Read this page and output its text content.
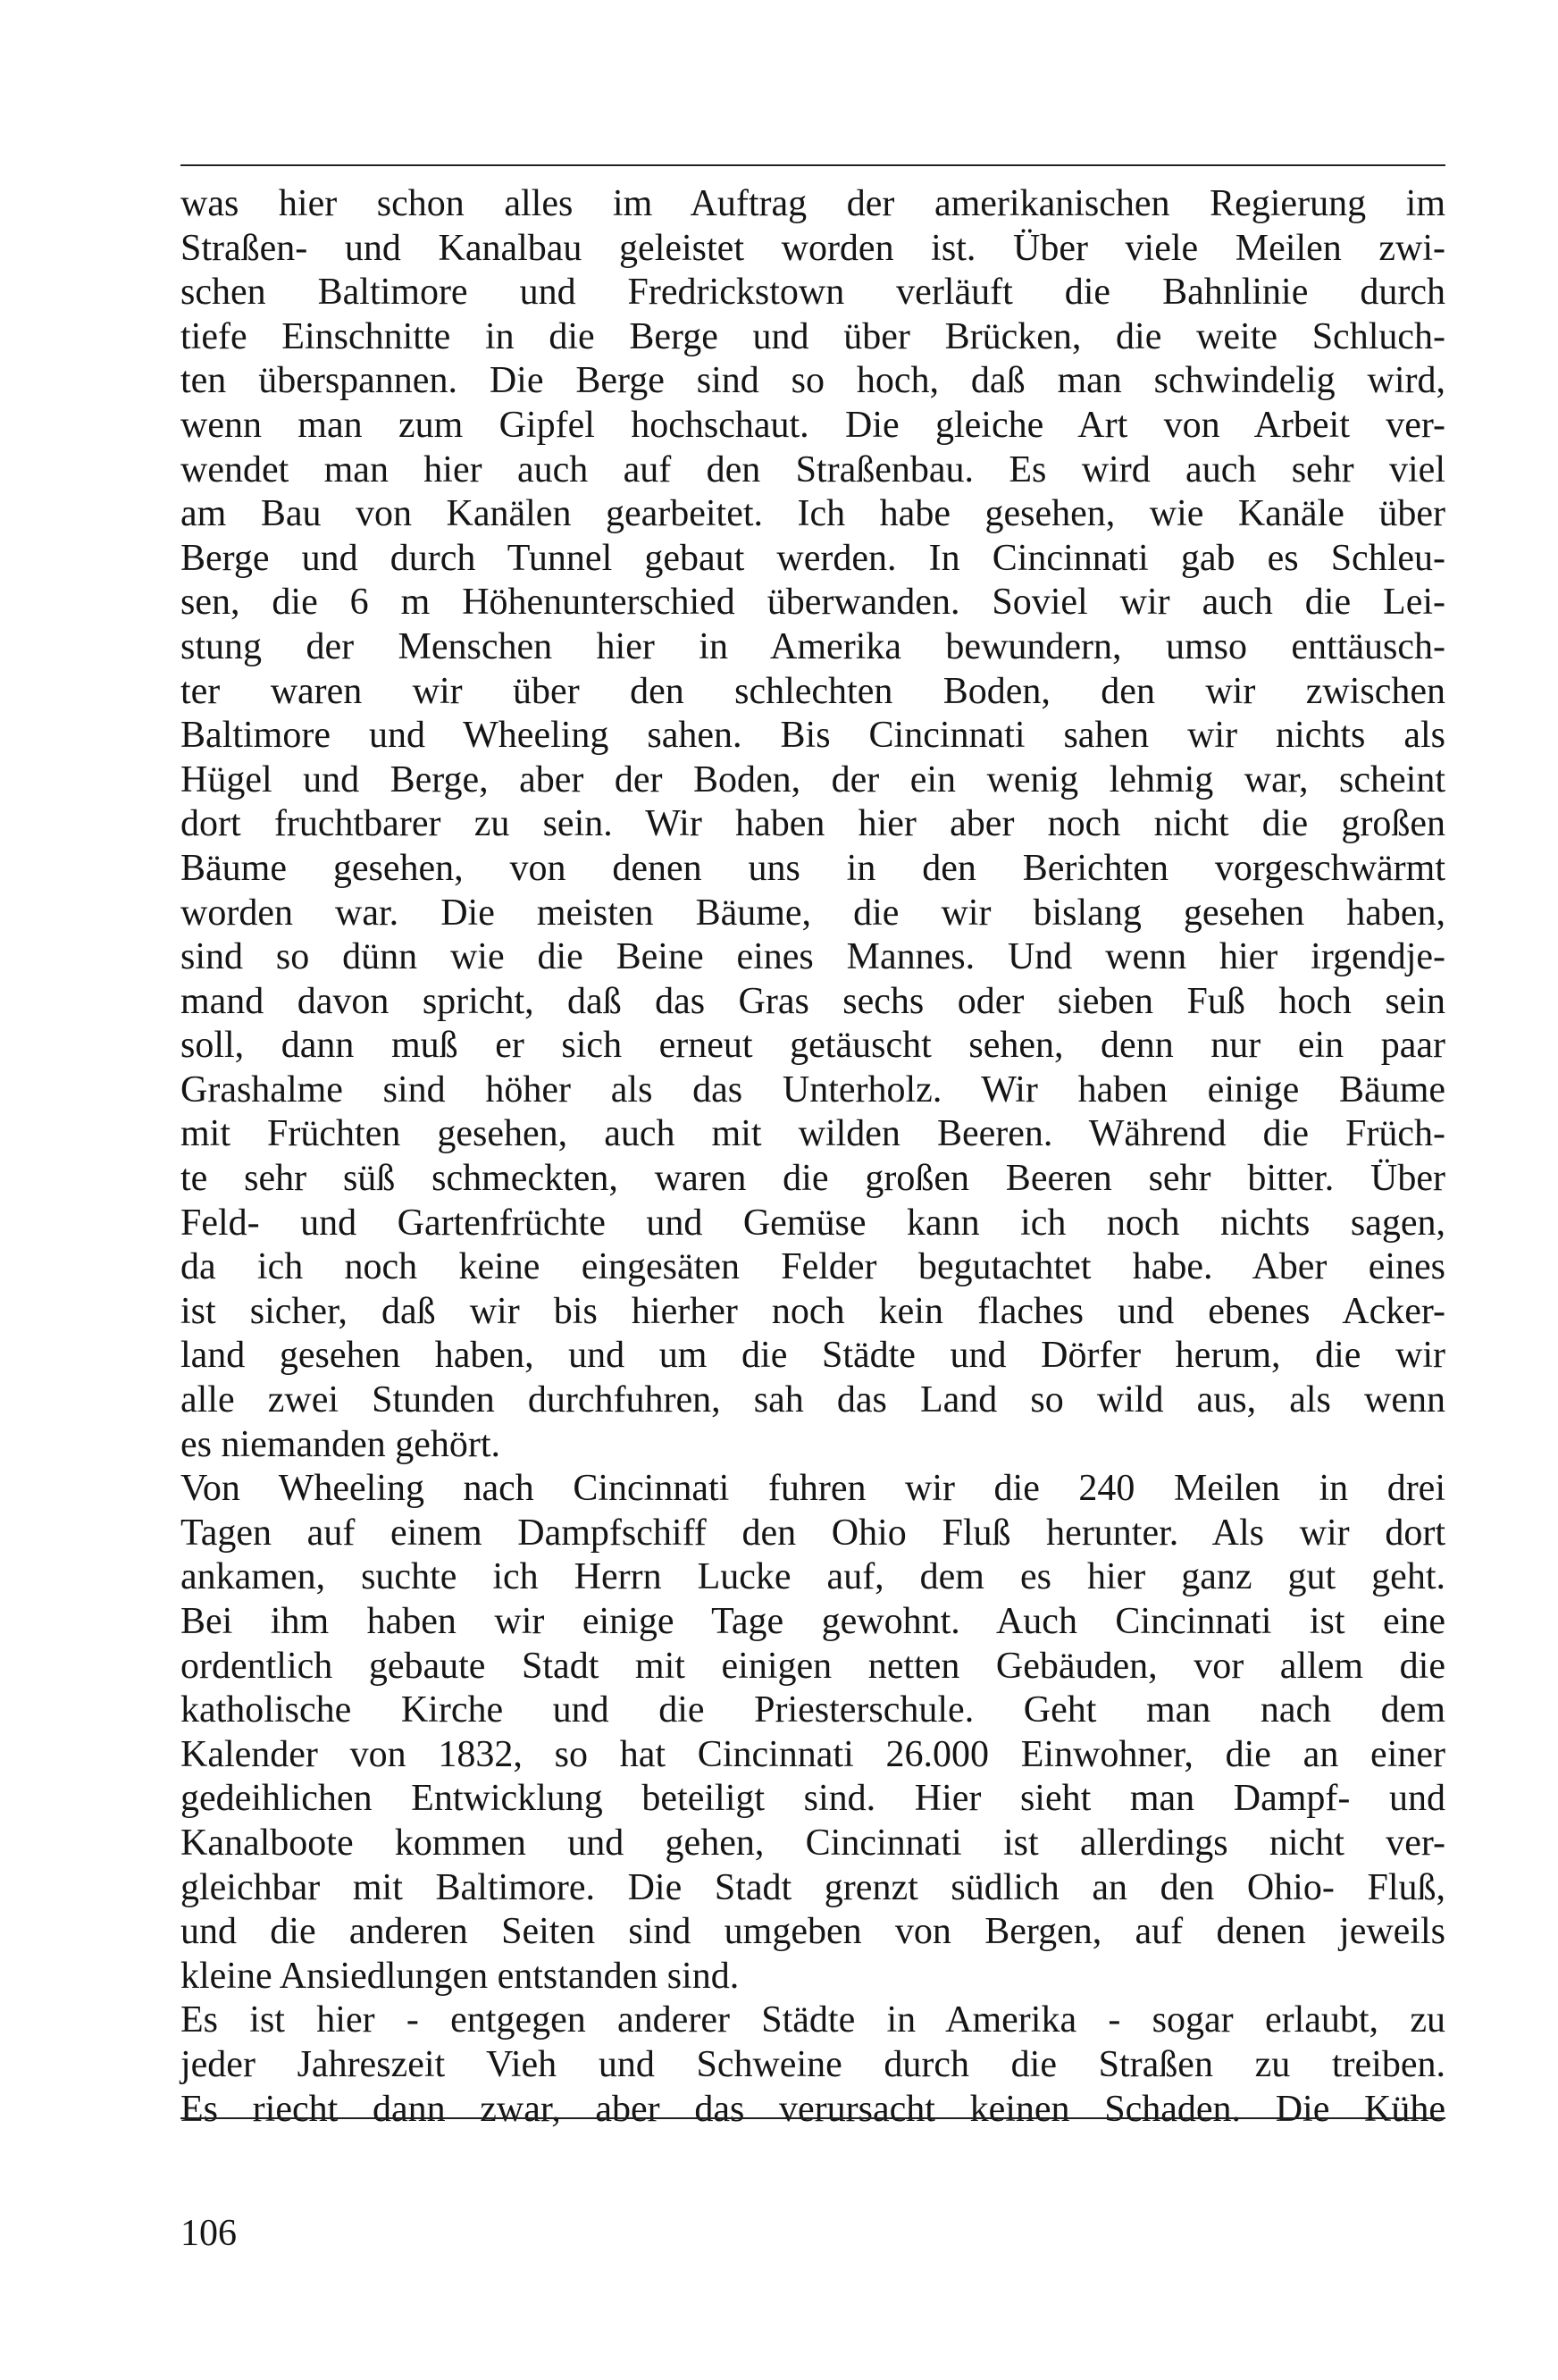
was hier schon alles im Auftrag der amerikanischen Regierung im
Straßen- und Kanalbau geleistet worden ist. Über viele Meilen zwi-
schen Baltimore und Fredrickstown verläuft die Bahnlinie durch
tiefe Einschnitte in die Berge und über Brücken, die weite Schluch-
ten überspannen. Die Berge sind so hoch, daß man schwindelig wird,
wenn man zum Gipfel hochschaut. Die gleiche Art von Arbeit ver-
wendet man hier auch auf den Straßenbau. Es wird auch sehr viel
am Bau von Kanälen gearbeitet. Ich habe gesehen, wie Kanäle über
Berge und durch Tunnel gebaut werden. In Cincinnati gab es Schleu-
sen, die 6 m Höhenunterschied überwanden. Soviel wir auch die Lei-
stung der Menschen hier in Amerika bewundern, umso enttäusch-
ter waren wir über den schlechten Boden, den wir zwischen
Baltimore und Wheeling sahen. Bis Cincinnati sahen wir nichts als
Hügel und Berge, aber der Boden, der ein wenig lehmig war, scheint
dort fruchtbarer zu sein. Wir haben hier aber noch nicht die großen
Bäume gesehen, von denen uns in den Berichten vorgeschwärmt
worden war. Die meisten Bäume, die wir bislang gesehen haben,
sind so dünn wie die Beine eines Mannes. Und wenn hier irgendje-
mand davon spricht, daß das Gras sechs oder sieben Fuß hoch sein
soll, dann muß er sich erneut getäuscht sehen, denn nur ein paar
Grashalme sind höher als das Unterholz. Wir haben einige Bäume
mit Früchten gesehen, auch mit wilden Beeren. Während die Früch-
te sehr süß schmeckten, waren die großen Beeren sehr bitter. Über
Feld- und Gartenfrüchte und Gemüse kann ich noch nichts sagen,
da ich noch keine eingesäten Felder begutachtet habe. Aber eines
ist sicher, daß wir bis hierher noch kein flaches und ebenes Acker-
land gesehen haben, und um die Städte und Dörfer herum, die wir
alle zwei Stunden durchfuhren, sah das Land so wild aus, als wenn
es niemanden gehört.
Von Wheeling nach Cincinnati fuhren wir die 240 Meilen in drei
Tagen auf einem Dampfschiff den Ohio Fluß herunter. Als wir dort
ankamen, suchte ich Herrn Lucke auf, dem es hier ganz gut geht.
Bei ihm haben wir einige Tage gewohnt. Auch Cincinnati ist eine
ordentlich gebaute Stadt mit einigen netten Gebäuden, vor allem die
katholische Kirche und die Priesterschule. Geht man nach dem
Kalender von 1832, so hat Cincinnati 26.000 Einwohner, die an einer
gedeihlichen Entwicklung beteiligt sind. Hier sieht man Dampf- und
Kanalboote kommen und gehen, Cincinnati ist allerdings nicht ver-
gleichbar mit Baltimore. Die Stadt grenzt südlich an den Ohio- Fluß,
und die anderen Seiten sind umgeben von Bergen, auf denen jeweils
kleine Ansiedlungen entstanden sind.
Es ist hier - entgegen anderer Städte in Amerika - sogar erlaubt, zu
jeder Jahreszeit Vieh und Schweine durch die Straßen zu treiben.
Es riecht dann zwar, aber das verursacht keinen Schaden. Die Kühe
106
